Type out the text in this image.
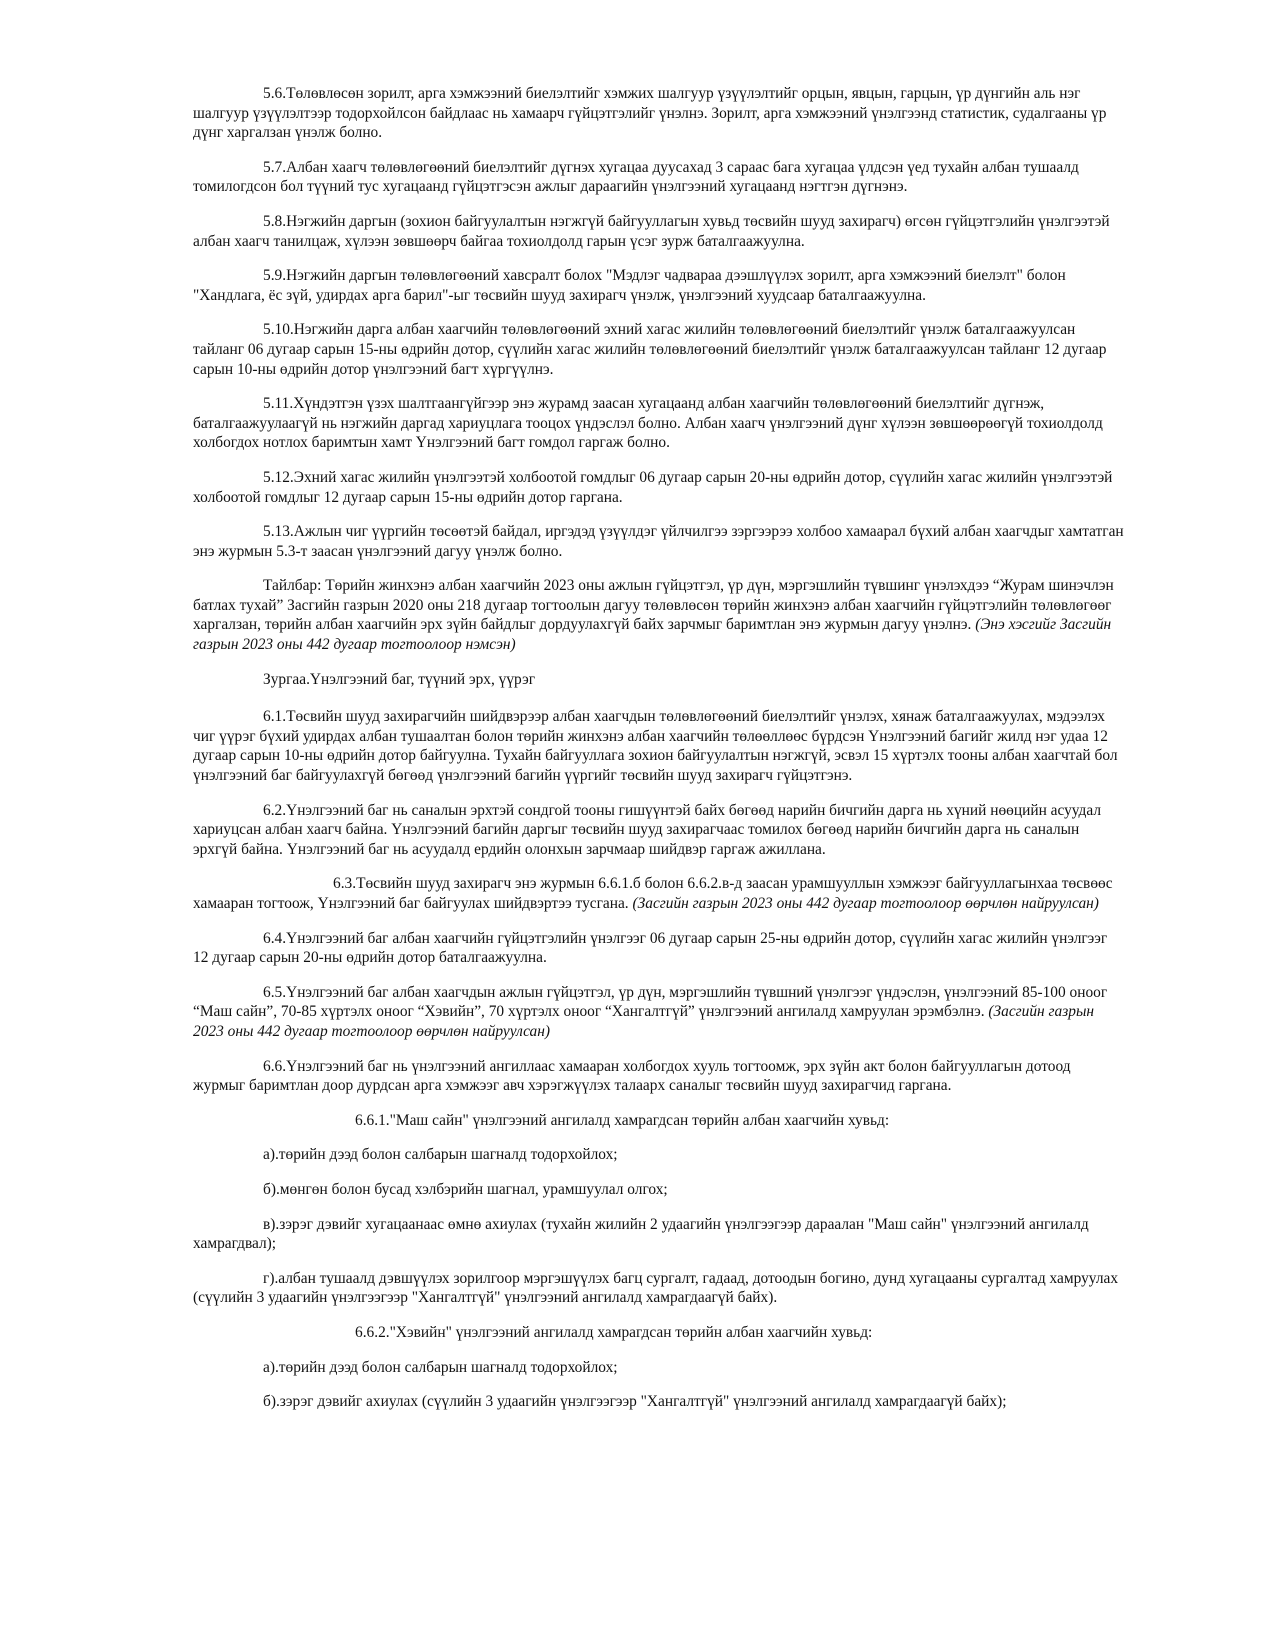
5.6.Төлөвлөсөн зорилт, арга хэмжээний биелэлтийг хэмжих шалгуур үзүүлэлтийг орцын, явцын, гарцын, үр дүнгийн аль нэг шалгуур үзүүлэлтээр тодорхойлсон байдлаас нь хамаарч гүйцэтгэлийг үнэлнэ. Зорилт, арга хэмжээний үнэлгээнд статистик, судалгааны үр дүнг харгалзан үнэлж болно.

5.7.Албан хаагч төлөвлөгөөний биелэлтийг дүгнэх хугацаа дуусахад 3 сараас бага хугацаа үлдсэн үед тухайн албан тушаалд томилогдсон бол түүний тус хугацаанд гүйцэтгэсэн ажлыг дараагийн үнэлгээний хугацаанд нэгтгэн дүгнэнэ.

5.8.Нэгжийн даргын (зохион байгуулалтын нэгжгүй байгууллагын хувьд төсвийн шууд захирагч) өгсөн гүйцэтгэлийн үнэлгээтэй албан хаагч танилцаж, хүлээн зөвшөөрч байгаа тохиолдолд гарын үсэг зурж баталгаажуулна.

5.9.Нэгжийн даргын төлөвлөгөөний хавсралт болох "Мэдлэг чадвараа дээшлүүлэх зорилт, арга хэмжээний биелэлт" болон "Хандлага, ёс зүй, удирдах арга барил"-ыг төсвийн шууд захирагч үнэлж, үнэлгээний хуудсаар баталгаажуулна.

5.10.Нэгжийн дарга албан хаагчийн төлөвлөгөөний эхний хагас жилийн төлөвлөгөөний биелэлтийг үнэлж баталгаажуулсан тайланг 06 дугаар сарын 15-ны өдрийн дотор, сүүлийн хагас жилийн төлөвлөгөөний биелэлтийг үнэлж баталгаажуулсан тайланг 12 дугаар сарын 10-ны өдрийн дотор үнэлгээний багт хүргүүлнэ.

5.11.Хүндэтгэн үзэх шалтгаангүйгээр энэ журамд заасан хугацаанд албан хаагчийн төлөвлөгөөний биелэлтийг дүгнэж, баталгаажуулаагүй нь нэгжийн даргад хариуцлага тооцох үндэслэл болно. Албан хаагч үнэлгээний дүнг хүлээн зөвшөөрөөгүй тохиолдолд холбогдох нотлох баримтын хамт Үнэлгээний багт гомдол гаргаж болно.

5.12.Эхний хагас жилийн үнэлгээтэй холбоотой гомдлыг 06 дугаар сарын 20-ны өдрийн дотор, сүүлийн хагас жилийн үнэлгээтэй холбоотой гомдлыг 12 дугаар сарын 15-ны өдрийн дотор гаргана.

5.13.Ажлын чиг үүргийн төсөөтэй байдал, иргэдэд үзүүлдэг үйлчилгээ зэргээрээ холбоо хамаарал бүхий албан хаагчдыг хамтатган энэ журмын 5.3-т заасан үнэлгээний дагуу үнэлж болно.

Тайлбар: Төрийн жинхэнэ албан хаагчийн 2023 оны ажлын гүйцэтгэл, үр дүн, мэргэшлийн түвшинг үнэлэхдээ “Журам шинэчлэн батлах тухай” Засгийн газрын 2020 оны 218 дугаар тогтоолын дагуу төлөвлөсөн төрийн жинхэнэ албан хаагчийн гүйцэтгэлийн төлөвлөгөөг харгалзан, төрийн албан хаагчийн эрх зүйн байдлыг дордуулахгүй байх зарчмыг баримтлан энэ журмын дагуу үнэлнэ. (Энэ хэсгийг Засгийн газрын 2023 оны 442 дугаар тогтоолоор нэмсэн)

Зургаа.Үнэлгээний баг, түүний эрх, үүрэг

6.1.Төсвийн шууд захирагчийн шийдвэрээр албан хаагчдын төлөвлөгөөний биелэлтийг үнэлэх, хянаж баталгаажуулах, мэдээлэх чиг үүрэг бүхий удирдах албан тушаалтан болон төрийн жинхэнэ албан хаагчийн төлөөллөөс бүрдсэн Үнэлгээний багийг жилд нэг удаа 12 дугаар сарын 10-ны өдрийн дотор байгуулна. Тухайн байгууллага зохион байгуулалтын нэгжгүй, эсвэл 15 хүртэлх тооны албан хаагчтай бол үнэлгээний баг байгуулахгүй бөгөөд үнэлгээний багийн үүргийг төсвийн шууд захирагч гүйцэтгэнэ.

6.2.Үнэлгээний баг нь саналын эрхтэй сондгой тооны гишүүнтэй байх бөгөөд нарийн бичгийн дарга нь хүний нөөцийн асуудал хариуцсан албан хаагч байна. Үнэлгээний багийн даргыг төсвийн шууд захирагчаас томилох бөгөөд нарийн бичгийн дарга нь саналын эрхгүй байна. Үнэлгээний баг нь асуудалд ердийн олонхын зарчмаар шийдвэр гаргаж ажиллана.

6.3.Төсвийн шууд захирагч энэ журмын 6.6.1.б болон 6.6.2.в-д заасан урамшууллын хэмжээг байгууллагынхаа төсвөөс хамааран тогтоож, Үнэлгээний баг байгуулах шийдвэртээ тусгана. (Засгийн газрын 2023 оны 442 дугаар тогтоолоор өөрчлөн найруулсан)

6.4.Үнэлгээний баг албан хаагчийн гүйцэтгэлийн үнэлгээг 06 дугаар сарын 25-ны өдрийн дотор, сүүлийн хагас жилийн үнэлгээг 12 дугаар сарын 20-ны өдрийн дотор баталгаажуулна.

6.5.Үнэлгээний баг албан хаагчдын ажлын гүйцэтгэл, үр дүн, мэргэшлийн түвшний үнэлгээг үндэслэн, үнэлгээний 85-100 оноог “Маш сайн”, 70-85 хүртэлх оноог “Хэвийн”, 70 хүртэлх оноог “Хангалтгүй” үнэлгээний ангилалд хамруулан эрэмбэлнэ. (Засгийн газрын 2023 оны 442 дугаар тогтоолоор өөрчлөн найруулсан)

6.6.Үнэлгээний баг нь үнэлгээний ангиллаас хамааран холбогдох хууль тогтоомж, эрх зүйн акт болон байгууллагын дотоод журмыг баримтлан доор дурдсан арга хэмжээг авч хэрэгжүүлэх талаарх саналыг төсвийн шууд захирагчид гаргана.

6.6.1."Маш сайн" үнэлгээний ангилалд хамрагдсан төрийн албан хаагчийн хувьд:

а).төрийн дээд болон салбарын шагналд тодорхойлох;

б).мөнгөн болон бусад хэлбэрийн шагнал, урамшуулал олгох;

в).зэрэг дэвийг хугацаанаас өмнө ахиулах (тухайн жилийн 2 удаагийн үнэлгээгээр дараалан "Маш сайн" үнэлгээний ангилалд хамрагдвал);

г).албан тушаалд дэвшүүлэх зорилгоор мэргэшүүлэх багц сургалт, гадаад, дотоодын богино, дунд хугацааны сургалтад хамруулах (сүүлийн 3 удаагийн үнэлгээгээр "Хангалтгүй" үнэлгээний ангилалд хамрагдаагүй байх).

6.6.2."Хэвийн" үнэлгээний ангилалд хамрагдсан төрийн албан хаагчийн хувьд:

а).төрийн дээд болон салбарын шагналд тодорхойлох;

б).зэрэг дэвийг ахиулах (сүүлийн 3 удаагийн үнэлгээгээр "Хангалтгүй" үнэлгээний ангилалд хамрагдаагүй байх);
